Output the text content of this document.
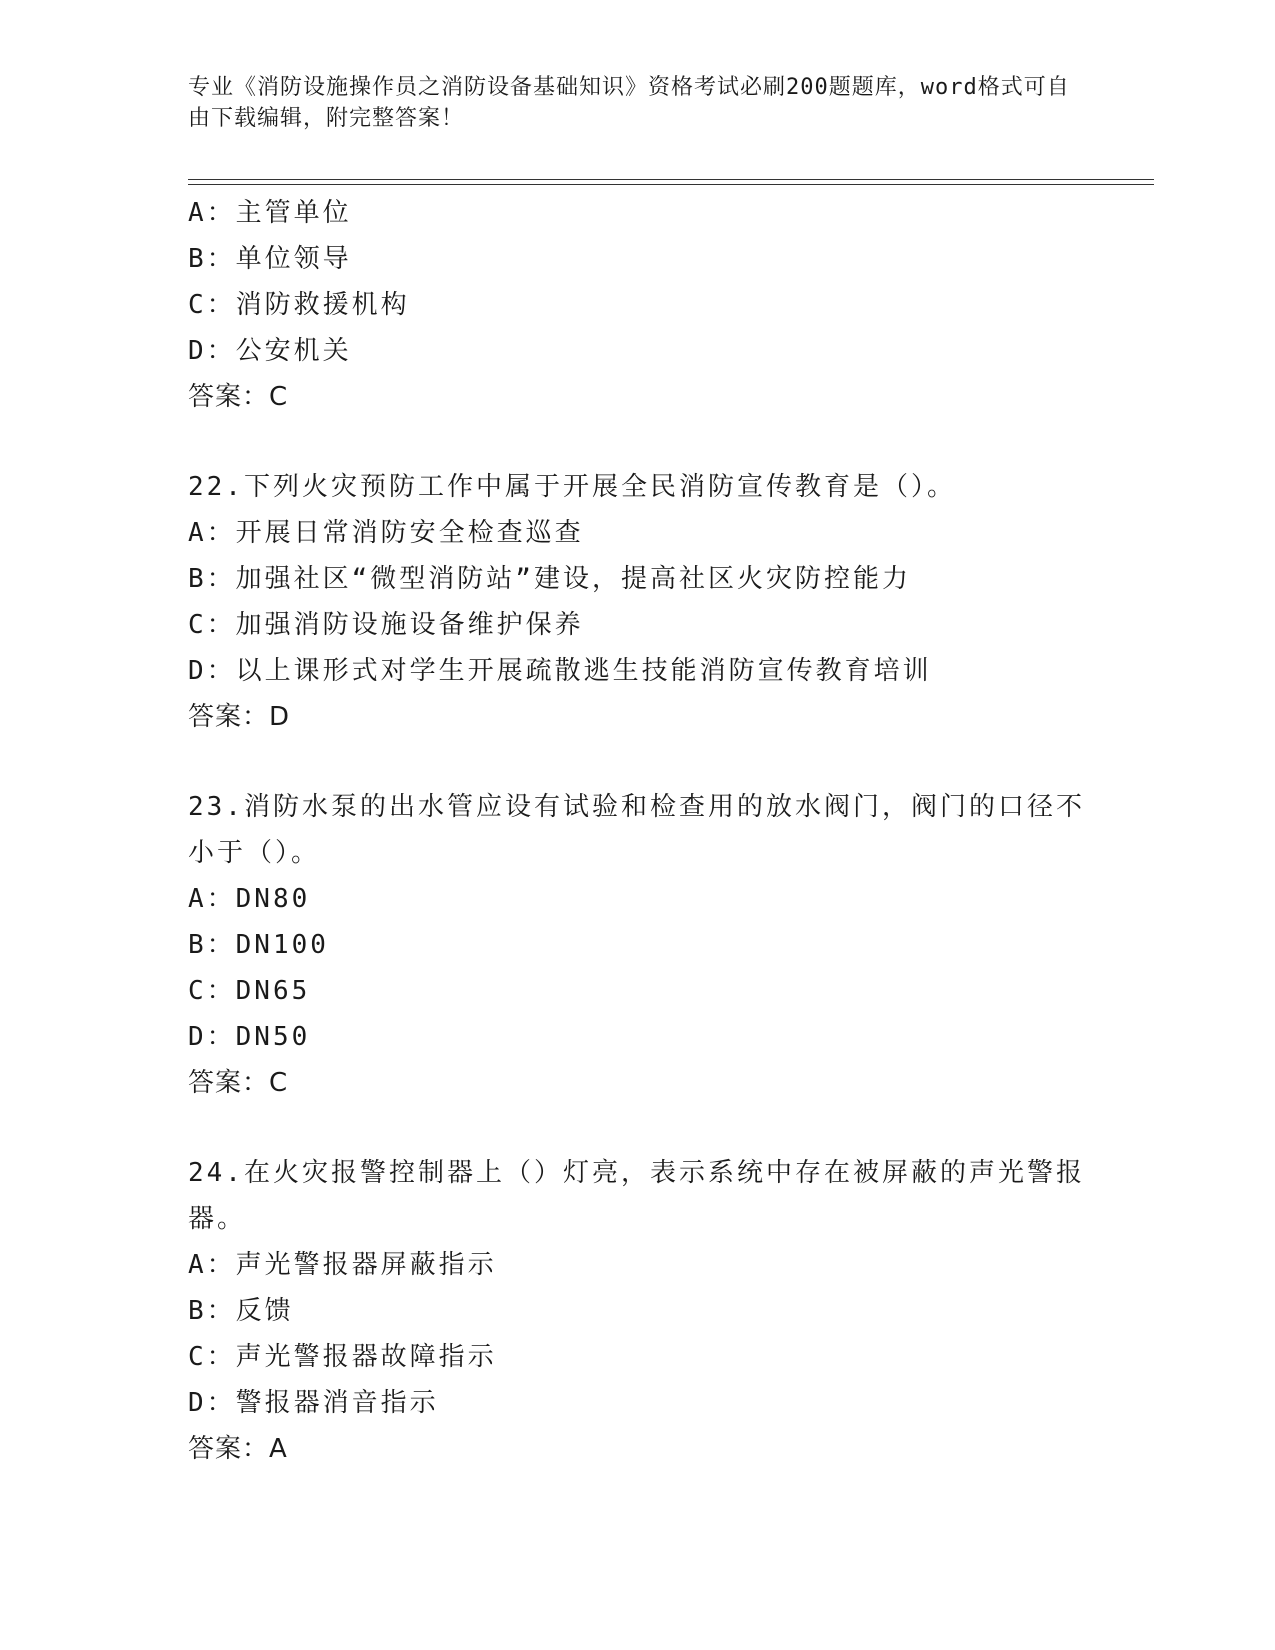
专业《消防设施操作员之消防设备基础知识》资格考试必刷200题题库，word格式可自由下载编辑，附完整答案！
A：主管单位
B：单位领导
C：消防救援机构
D：公安机关
答案：C
22.下列火灾预防工作中属于开展全民消防宣传教育是（）。
A：开展日常消防安全检查巡查
B：加强社区“微型消防站”建设，提高社区火灾防控能力
C：加强消防设施设备维护保养
D：以上课形式对学生开展疏散逃生技能消防宣传教育培训
答案：D
23.消防水泵的出水管应设有试验和检查用的放水阀门，阀门的口径不小于（）。
A：DN80
B：DN100
C：DN65
D：DN50
答案：C
24.在火灾报警控制器上（）灯亮，表示系统中存在被屏蔽的声光警报器。
A：声光警报器屏蔽指示
B：反馈
C：声光警报器故障指示
D：警报器消音指示
答案：A
